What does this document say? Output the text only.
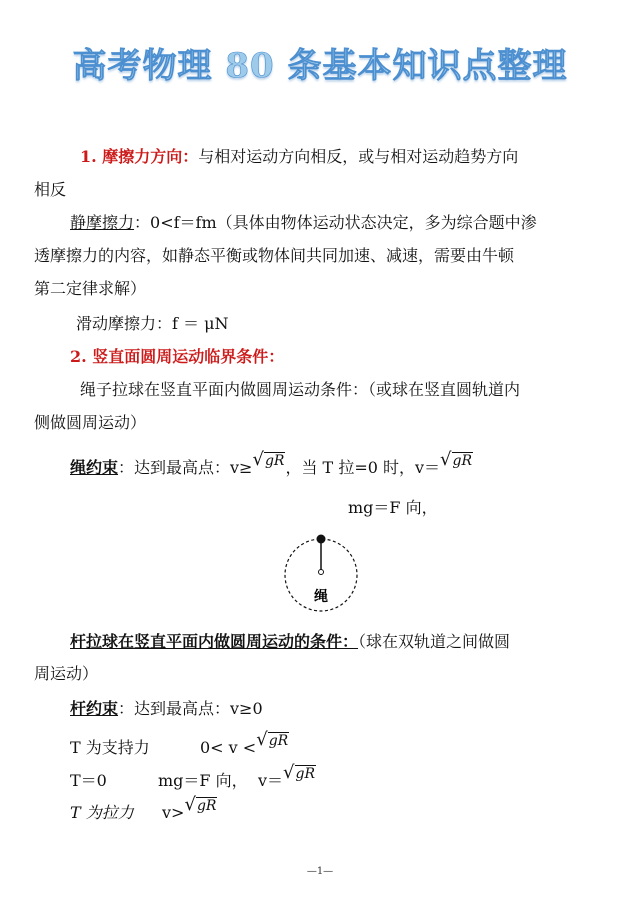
高考物理 80 条基本知识点整理
1. 摩擦力方向：与相对运动方向相反，或与相对运动趋势方向
相反
静摩擦力：0<f＝fm（具体由物体运动状态决定，多为综合题中渗
透摩擦力的内容，如静态平衡或物体间共同加速、减速，需要由牛顿
第二定律求解）
滑动摩擦力：f ＝ μN
2. 竖直面圆周运动临界条件：
绳子拉球在竖直平面内做圆周运动条件：（或球在竖直圆轨道内
侧做圆周运动）
绳约束：达到最高点：v≥√gR，当 T 拉=0 时，v＝√gR
mg＝F 向，
绳
杆拉球在竖直平面内做圆周运动的条件：（球在双轨道之间做圆
周运动）
杆约束：达到最高点：v≥0
T 为支持力	0< v <√gR
T＝0	mg＝F 向， v＝√gR
T 为拉力 v>√gR
—1—
